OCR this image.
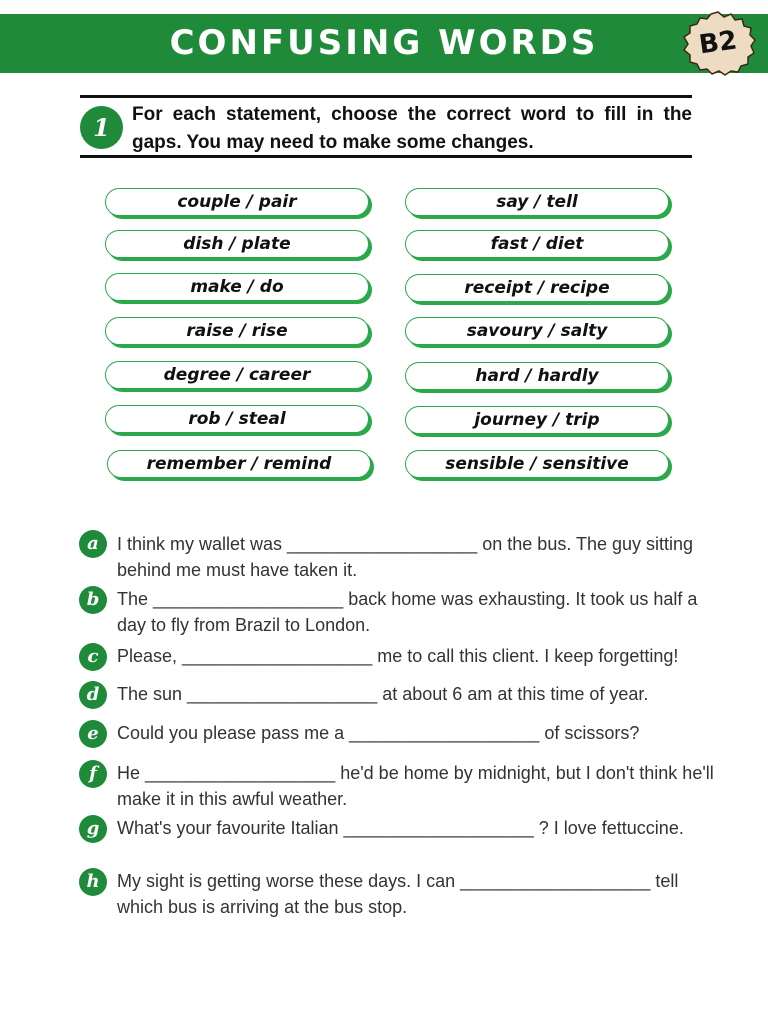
CONFUSING WORDS	B2
1	For each statement, choose the correct word to fill in the gaps. You may need to make some changes.
couple / pair
dish / plate
make / do
raise / rise
degree / career
rob / steal
remember / remind
say / tell
fast / diet
receipt / recipe
savoury / salty
hard / hardly
journey / trip
sensible / sensitive
a	I think my wallet was ___________________ on the bus. The guy sitting behind me must have taken it.
b The ___________________ back home was exhausting. It took us half a day to fly from Brazil to London.
c	Please, ___________________ me to call this client. I keep forgetting!
d The sun ___________________ at about 6 am at this time of year.
e	Could you please pass me a ___________________ of scissors?
f	He ___________________ he'd be home by midnight, but I don't think he'll make it in this awful weather.
g What's your favourite Italian ___________________ ? I love fettuccine.
h My sight is getting worse these days. I can ___________________ tell which bus is arriving at the bus stop.
